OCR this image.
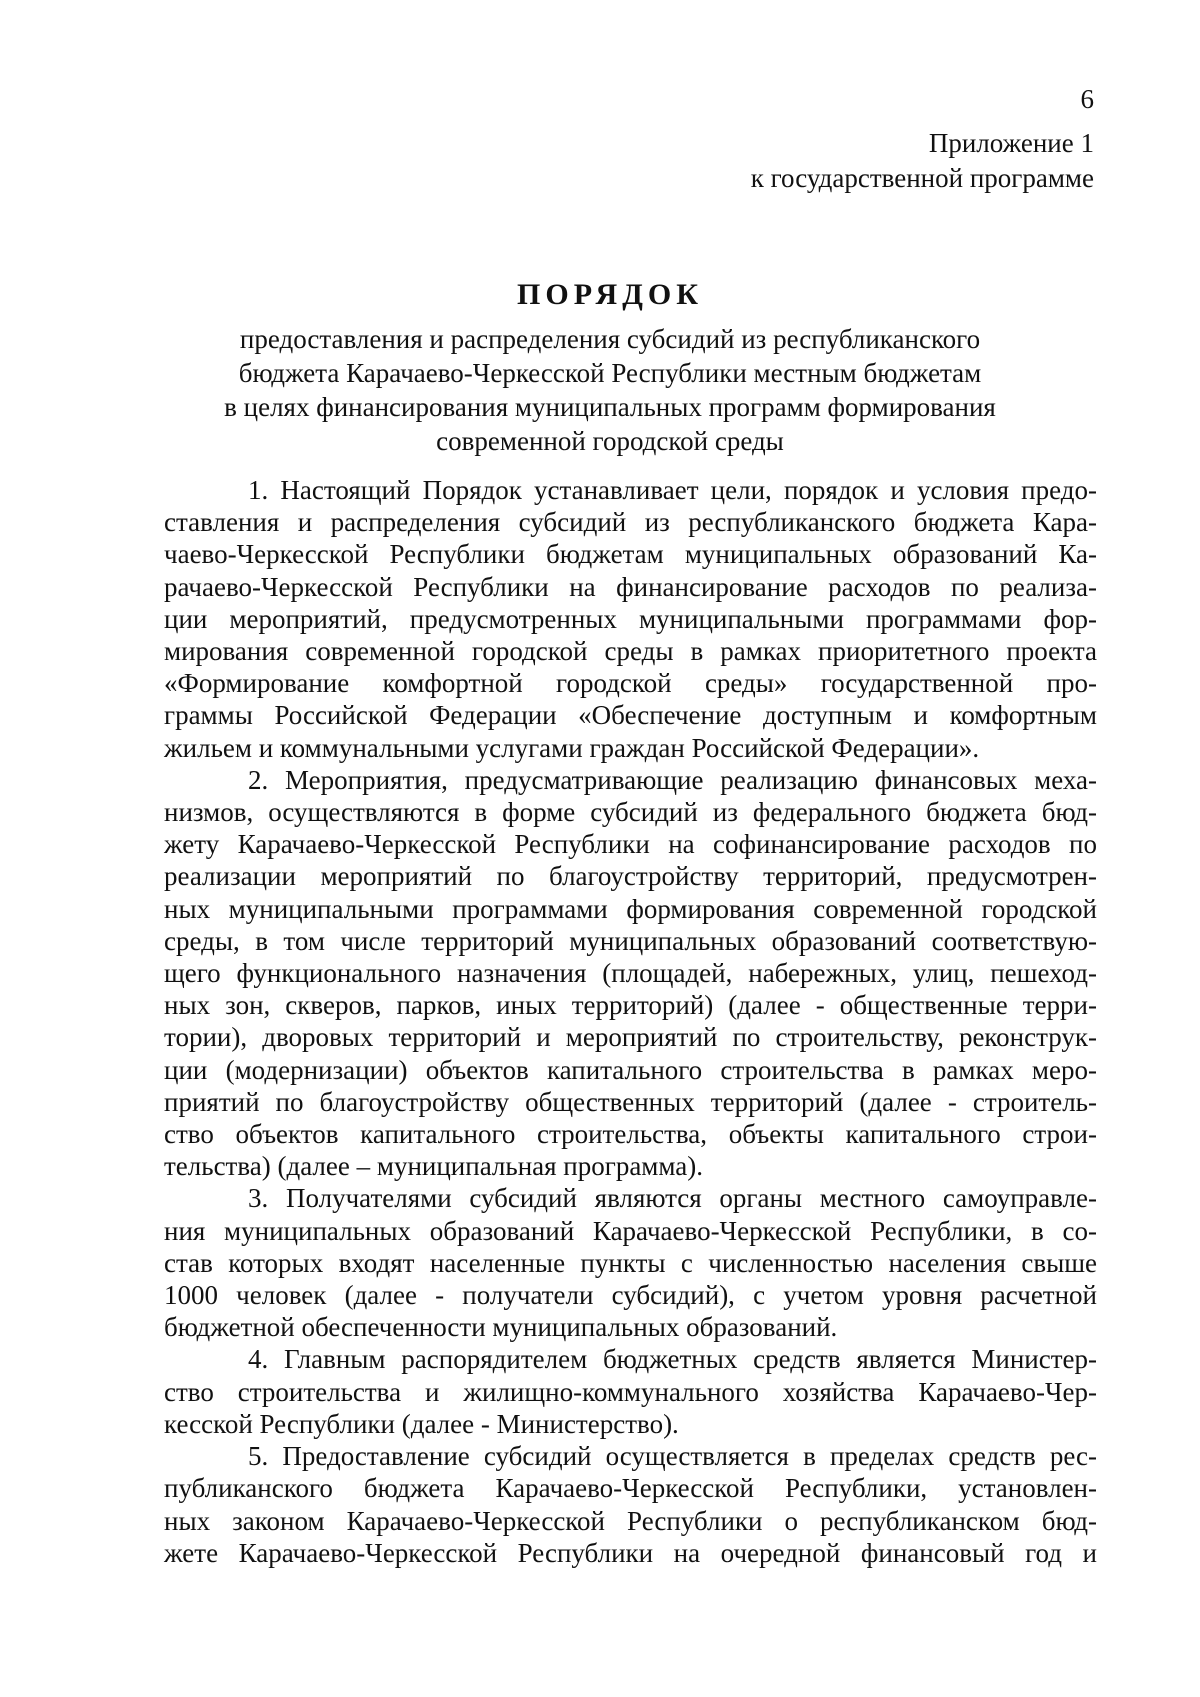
6
Приложение 1
к государственной программе
ПОРЯДОК
предоставления и распределения субсидий из республиканского
бюджета Карачаево-Черкесской Республики местным бюджетам
в целях финансирования муниципальных программ формирования
современной городской среды
1. Настоящий Порядок устанавливает цели, порядок и условия предо-
ставления и распределения субсидий из республиканского бюджета Кара-
чаево-Черкесской Республики бюджетам муниципальных образований Ка-
рачаево-Черкесской Республики на финансирование расходов по реализа-
ции мероприятий, предусмотренных муниципальными программами фор-
мирования современной городской среды в рамках приоритетного проекта
«Формирование комфортной городской среды» государственной про-
граммы Российской Федерации «Обеспечение доступным и комфортным
жильем и коммунальными услугами граждан Российской Федерации».
2. Мероприятия, предусматривающие реализацию финансовых меха-
низмов, осуществляются в форме субсидий из федерального бюджета бюд-
жету Карачаево-Черкесской Республики на софинансирование расходов по
реализации мероприятий по благоустройству территорий, предусмотрен-
ных муниципальными программами формирования современной городской
среды, в том числе территорий муниципальных образований соответствую-
щего функционального назначения (площадей, набережных, улиц, пешеход-
ных зон, скверов, парков, иных территорий) (далее - общественные терри-
тории), дворовых территорий и мероприятий по строительству, реконструк-
ции (модернизации) объектов капитального строительства в рамках меро-
приятий по благоустройству общественных территорий (далее - строитель-
ство объектов капитального строительства, объекты капитального строи-
тельства) (далее – муниципальная программа).
3. Получателями субсидий являются органы местного самоуправле-
ния муниципальных образований Карачаево-Черкесской Республики, в со-
став которых входят населенные пункты с численностью населения свыше
1000 человек (далее - получатели субсидий), с учетом уровня расчетной
бюджетной обеспеченности муниципальных образований.
4. Главным распорядителем бюджетных средств является Министер-
ство строительства и жилищно-коммунального хозяйства Карачаево-Чер-
кесской Республики (далее - Министерство).
5. Предоставление субсидий осуществляется в пределах средств рес-
публиканского бюджета Карачаево-Черкесской Республики, установлен-
ных законом Карачаево-Черкесской Республики о республиканском бюд-
жете Карачаево-Черкесской Республики на очередной финансовый год и
